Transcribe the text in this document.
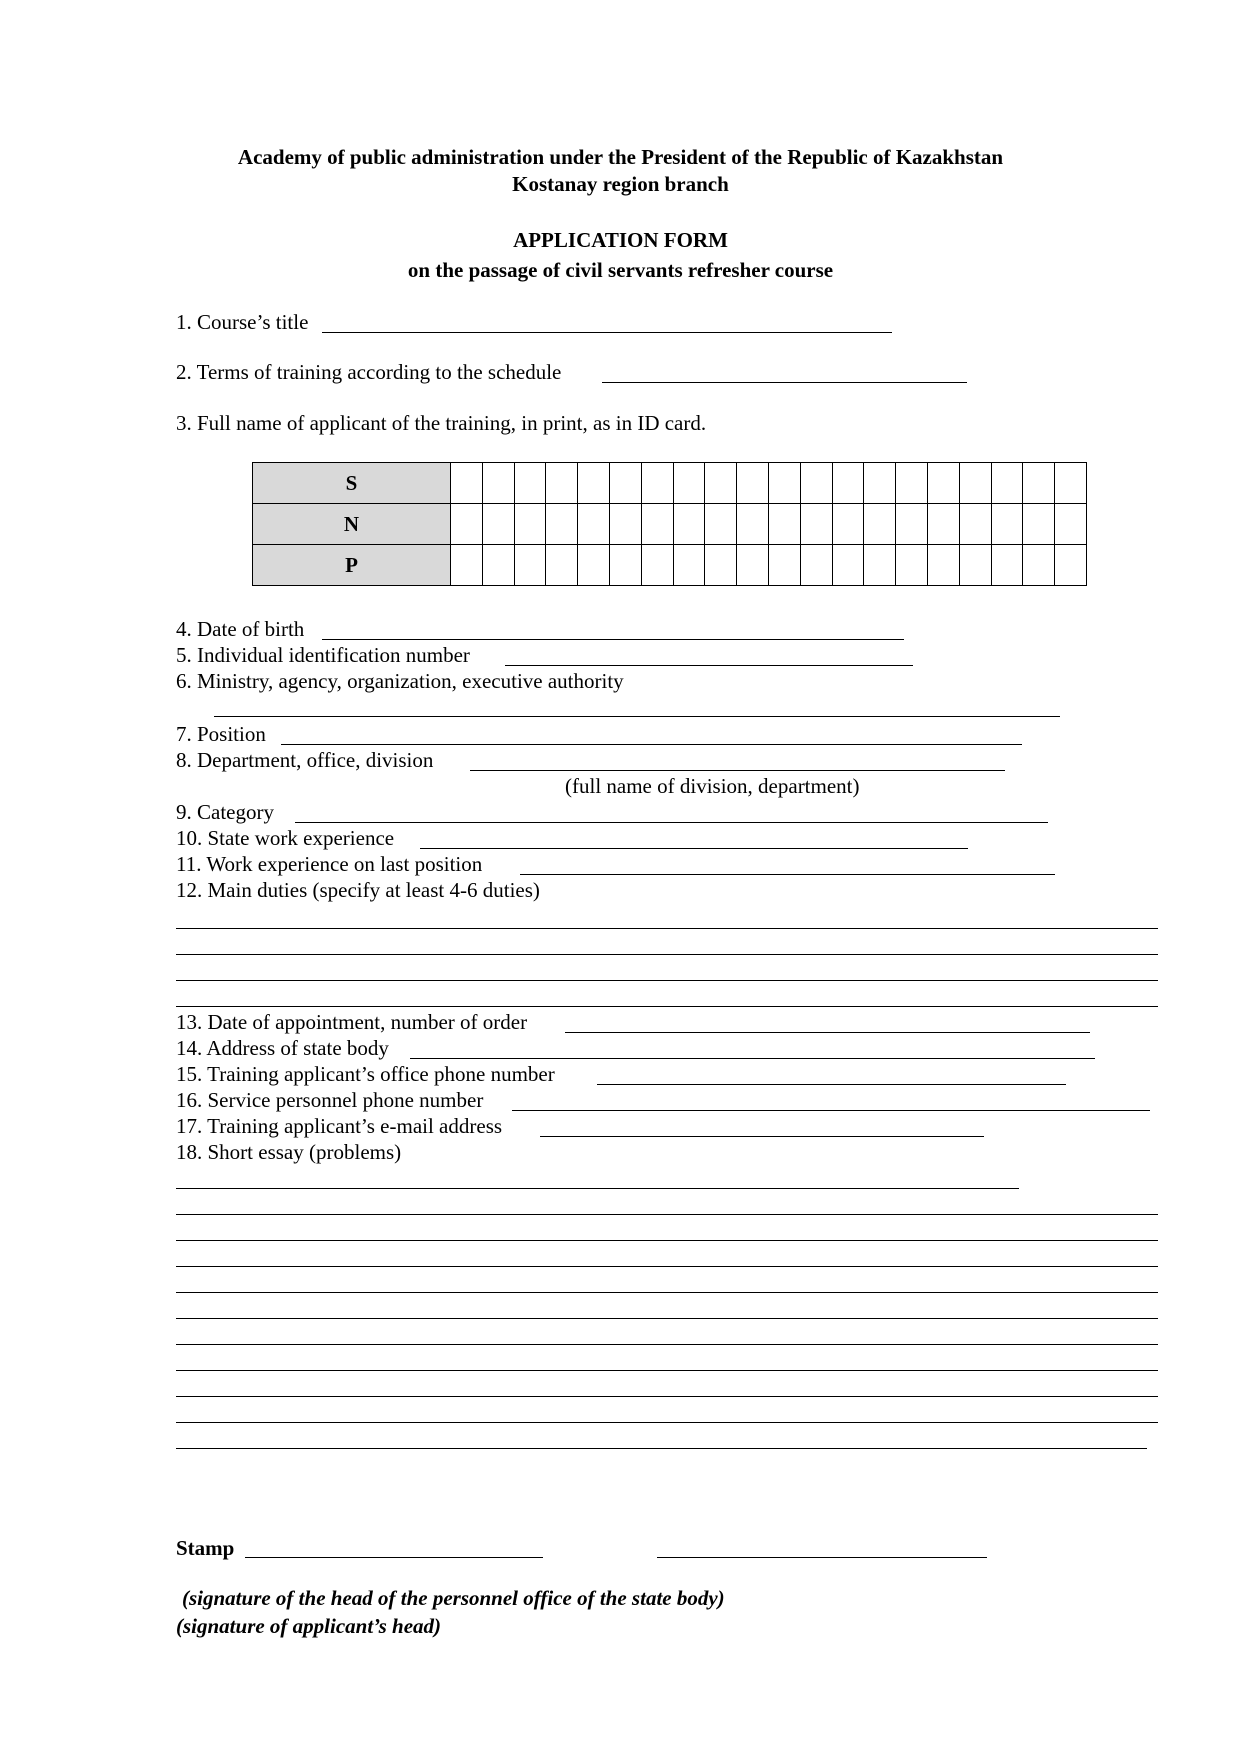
Academy of public administration under the President of the Republic of Kazakhstan
Kostanay region branch
APPLICATION FORM
on the passage of civil servants refresher course
1. Course’s title
2. Terms of training according to the schedule
3. Full name of applicant of the training, in print, as in ID card.
S																				
N																				
P																				
4. Date of birth
5. Individual identification number
6. Ministry, agency, organization, executive authority
7. Position
8. Department, office, division
(full name of division, department)
9. Category
10. State work experience
11. Work experience on last position
12. Main duties (specify at least 4-6 duties)
13. Date of appointment, number of order
14. Address of state body
15. Training applicant’s office phone number
16. Service personnel phone number
17. Training applicant’s e-mail address
18. Short essay (problems)
Stamp
(signature of the head of the personnel office of the state body)
(signature of applicant’s head)
